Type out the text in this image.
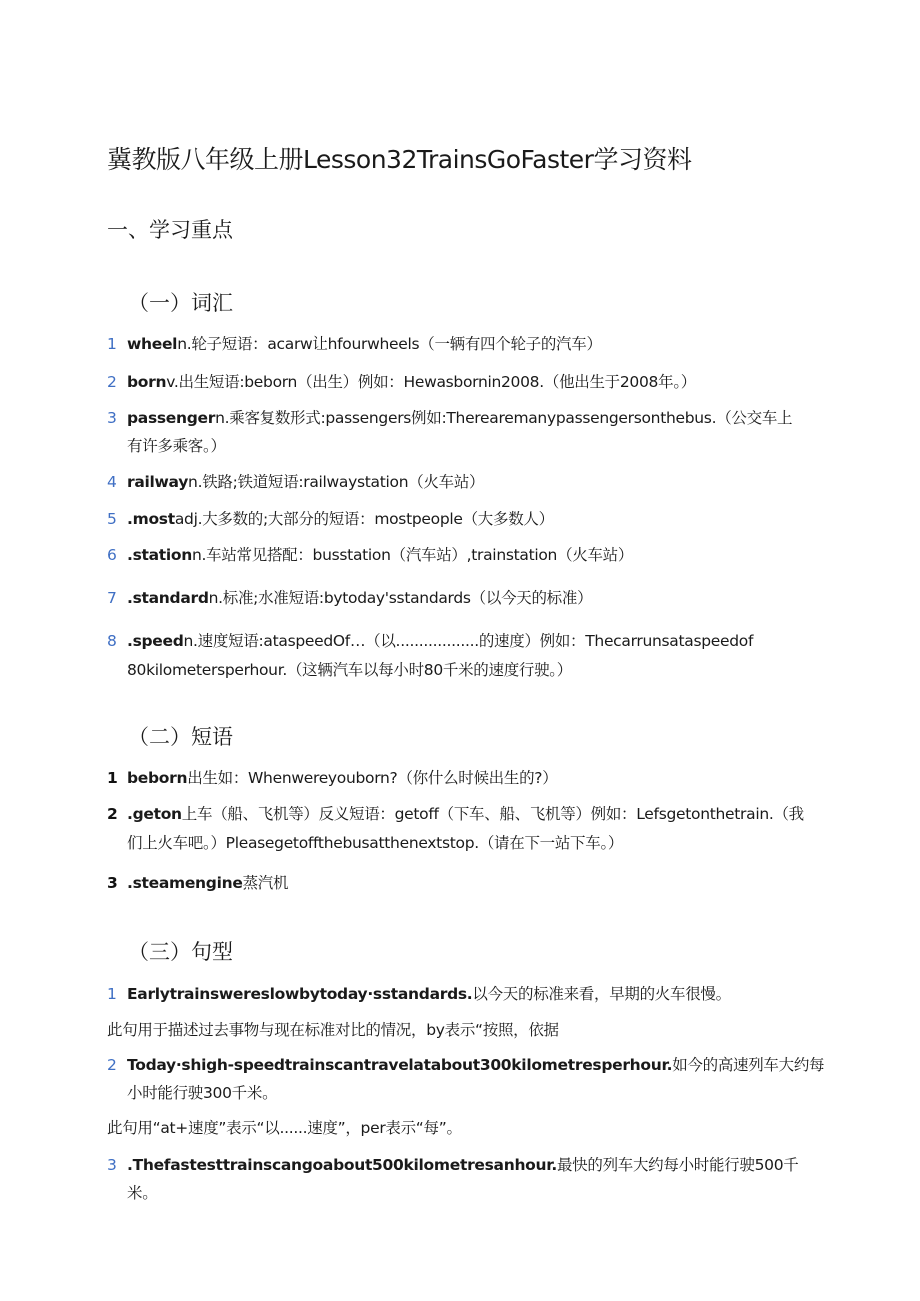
冀教版八年级上册Lesson32TrainsGoFaster学习资料
一、学习重点
（一）词汇
1 wheeln.轮子短语：acarw让hfourwheels（一辆有四个轮子的汽车）
2 bornv.出生短语:beborn（出生）例如：Hewasbornin2008.（他出生于2008年。）
3 passengern.乘客复数形式:passengers例如:Therearemanypassengersonthebus.（公交车上
有许多乘客。）
4 railwayn.铁路;铁道短语:railwaystation（火车站）
5 .mostadj.大多数的;大部分的短语：mostpeople（大多数人）
6 .stationn.车站常见搭配：busstation（汽车站）,trainstation（火车站）
7 .standardn.标准;水准短语:bytoday'sstandards（以今天的标准）
8 .speedn.速度短语:ataspeedOf…（以..................的速度）例如：Thecarrunsataspeedof
80kilometersperhour.（这辆汽车以每小时80千米的速度行驶。）
（二）短语
1 beborn出生如：Whenwereyouborn?（你什么时候出生的?）
2 .geton上车（船、飞机等）反义短语：getoff（下车、船、飞机等）例如：Lefsgetonthetrain.（我
们上火车吧。）Pleasegetoffthebusatthenextstop.（请在下一站下车。）
3 .steamengine蒸汽机
（三）句型
1 Earlytrainswereslowbytoday·sstandards.以今天的标准来看，早期的火车很慢。
此句用于描述过去事物与现在标准对比的情况，by表示“按照，依据
2 Today·shigh-speedtrainscantravelatabout300kilometresperhour.如今的高速列车大约每
小时能行驶300千米。
此句用“at+速度”表示“以......速度”，per表示“每”。
3 .Thefastesttrainscangoabout500kilometresanhour.最快的列车大约每小时能行驶500千
米。
